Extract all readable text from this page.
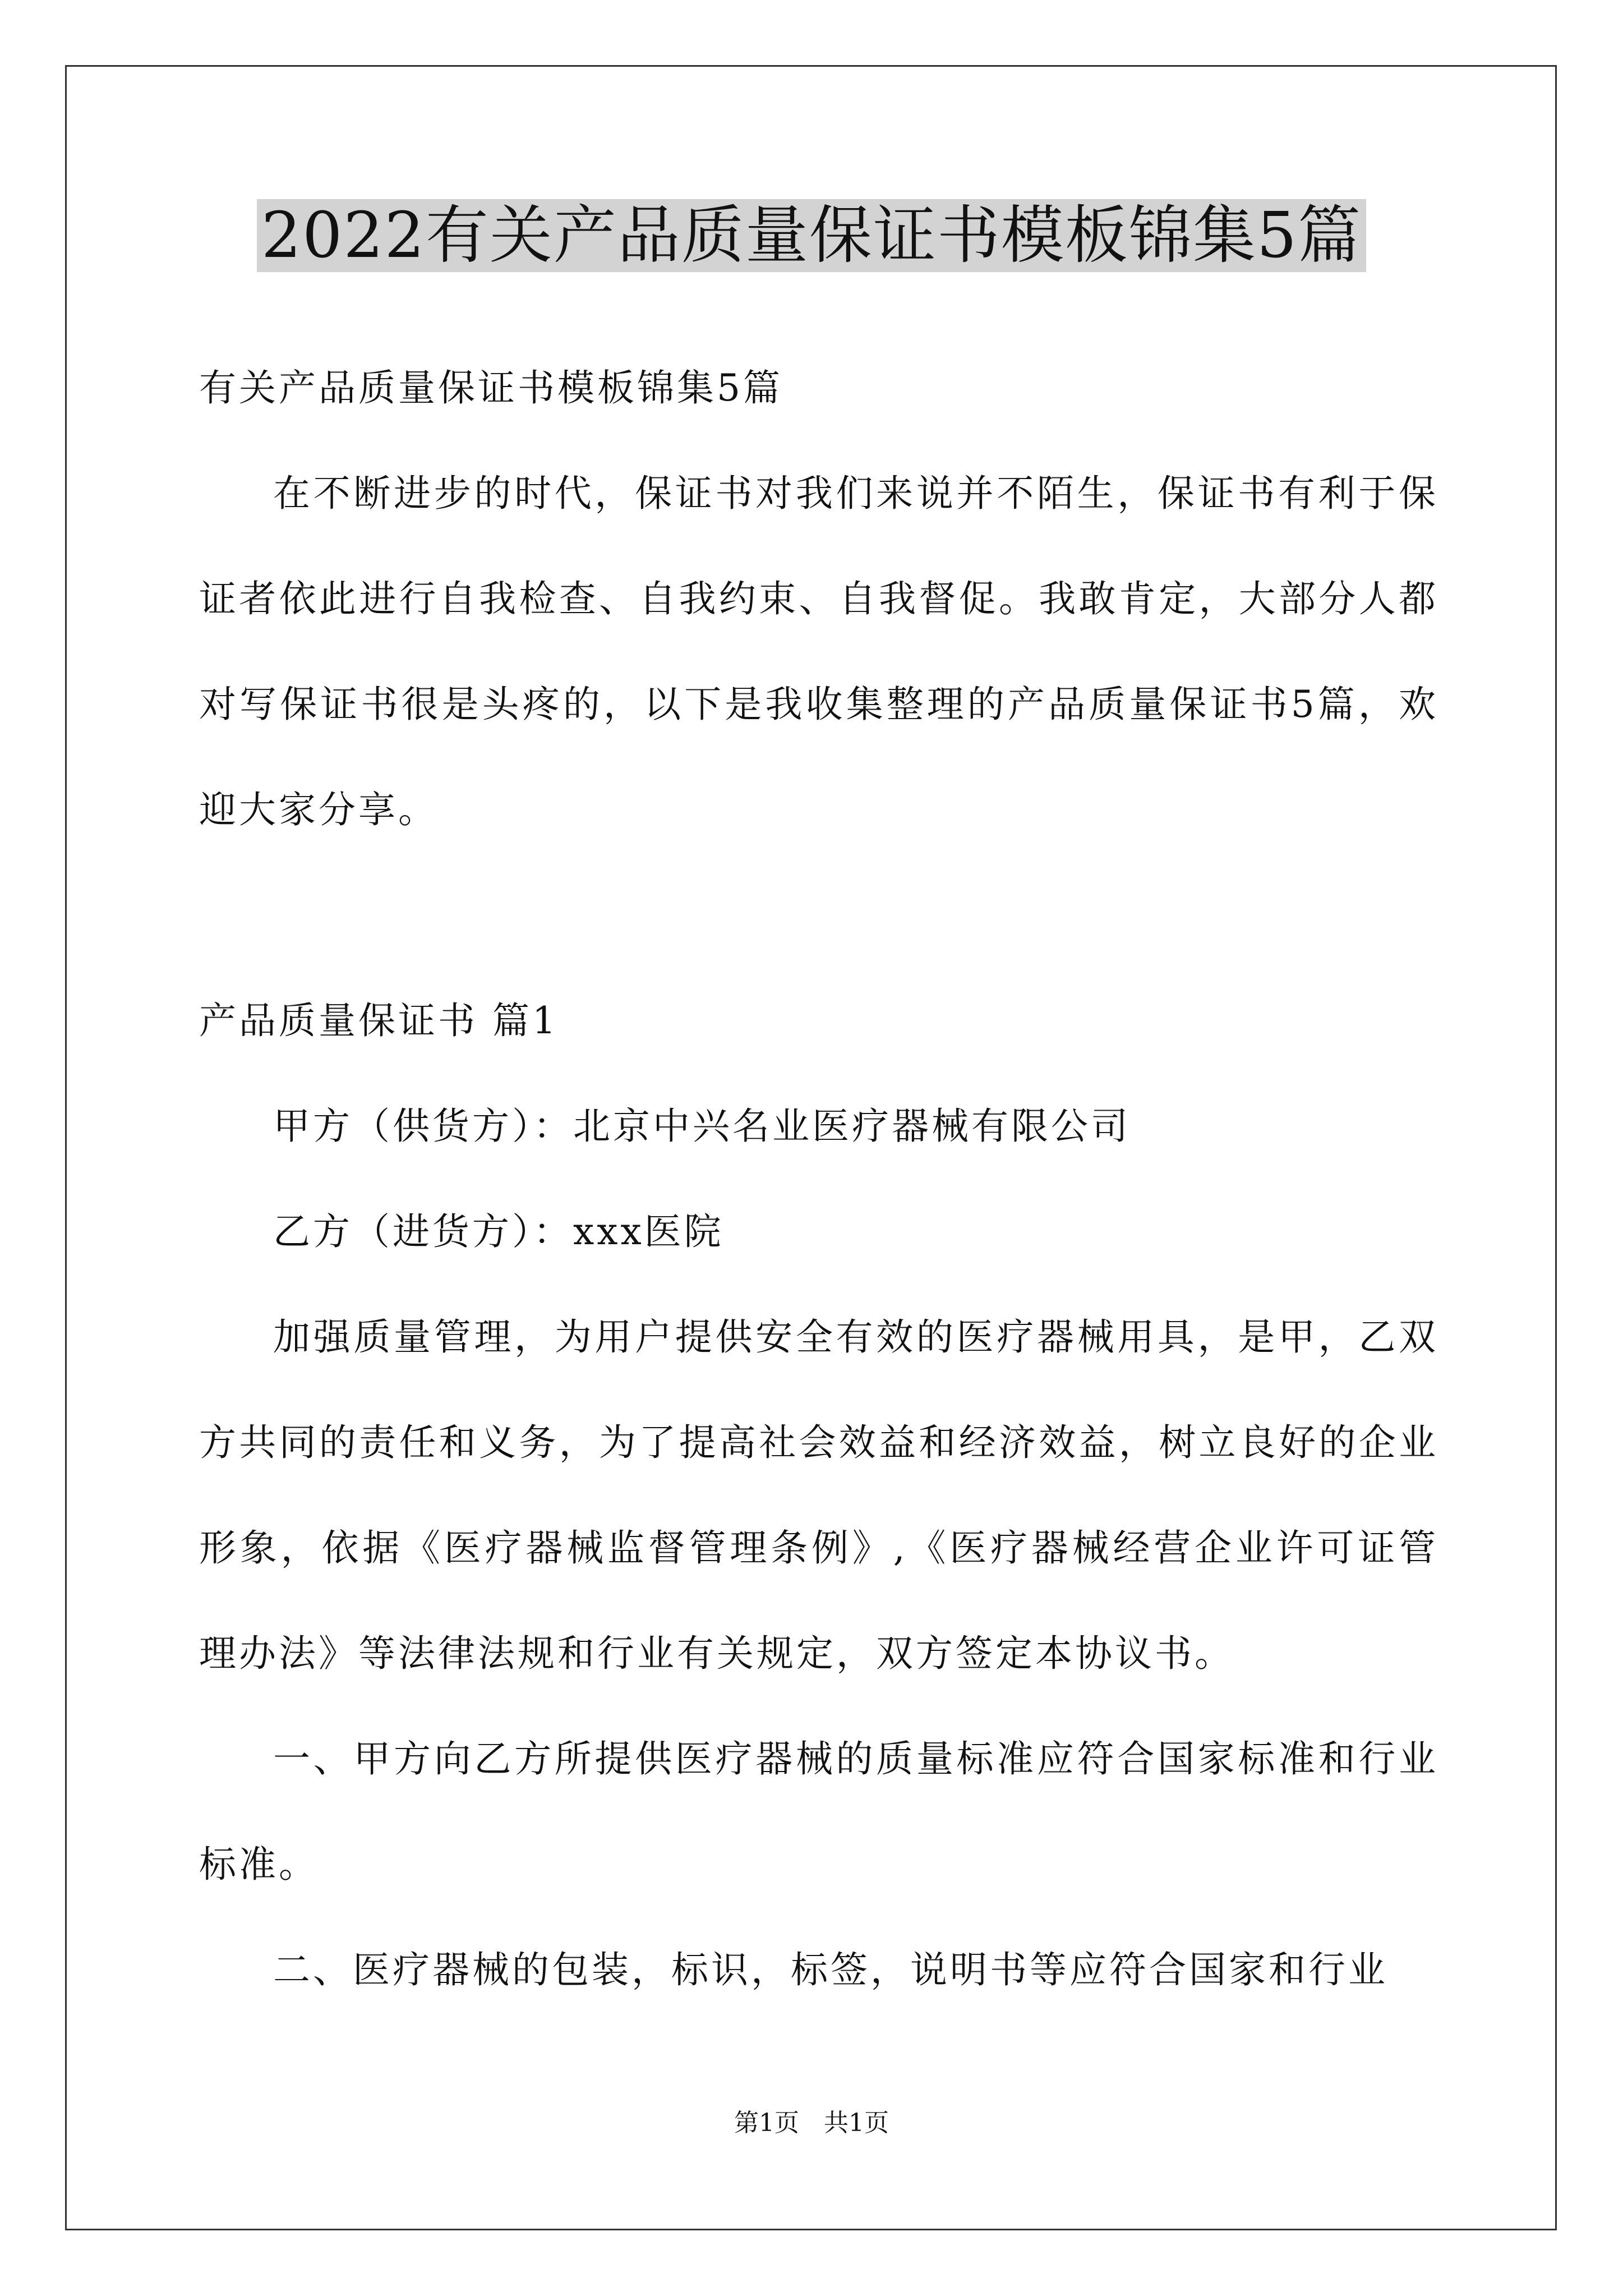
2022有关产品质量保证书模板锦集5篇

有关产品质量保证书模板锦集5篇

在不断进步的时代，保证书对我们来说并不陌生，保证书有利于保证者依此进行自我检查、自我约束、自我督促。我敢肯定，大部分人都对写保证书很是头疼的，以下是我收集整理的产品质量保证书5篇，欢迎大家分享。

产品质量保证书 篇1

甲方（供货方）：北京中兴名业医疗器械有限公司

乙方（进货方）：xxx医院

加强质量管理，为用户提供安全有效的医疗器械用具，是甲，乙双方共同的责任和义务，为了提高社会效益和经济效益，树立良好的企业形象，依据《医疗器械监督管理条例》,《医疗器械经营企业许可证管理办法》等法律法规和行业有关规定，双方签定本协议书。

一、甲方向乙方所提供医疗器械的质量标准应符合国家标准和行业标准。

二、医疗器械的包装，标识，标签，说明书等应符合国家和行业

第1页　共1页
